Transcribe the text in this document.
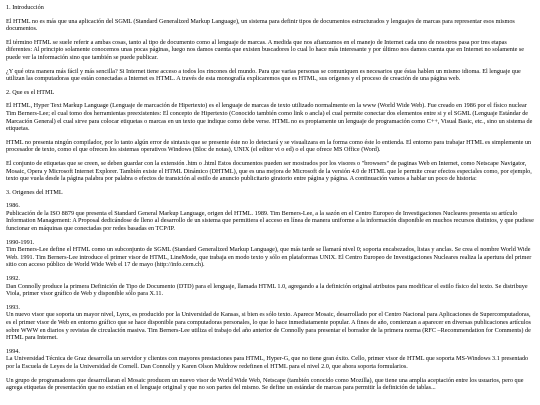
1. Introducción

El HTML no es más que una aplicación del SGML (Standard Generalized Markup Language), un sistema para definir tipos de documentos estructurados y lenguajes de marcas para representar esos mismos documentos.

El término HTML se suele referir a ambas cosas, tanto al tipo de documento como al lenguaje de marcas. A medida que nos afianzamos en el manejo de Internet cada uno de nosotros pasa por tres etapas diferentes: Al principio solamente conocemos unas pocas páginas, luego nos damos cuenta que existen buscadores lo cual lo hace más interesante y por último nos damos cuenta que en Internet no solamente se puede ver la información sino que también se puede publicar.

¿Y qué otra manera más fácil y más sencilla? Si Internet tiene acceso a todos los rincones del mundo. Para que varias personas se comuniquen es necesarios que éstas hablen un mismo idioma. El lenguaje que utilizan las computadoras que están conectadas a Internet es HTML. A través de esta monografía explicaremos que es HTML, sus orígenes y el proceso de creación de una página web.

2. Que es el HTML

El HTML, Hyper Text Markup Language (Lenguaje de marcación de Hipertexto) es el lenguaje de marcas de texto utilizado normalmente en la www (World Wide Web). Fue creado en 1986 por el físico nuclear Tim Berners-Lee; el cual tomo dos herramientas preexistentes: El concepto de Hipertexto (Conocido también como link o ancla) el cual permite conectar dos elementos entre si y el SGML (Lenguaje Estándar de Marcación General) el cual sirve para colocar etiquetas o marcas en un texto que indique como debe verse. HTML no es propiamente un lenguaje de programación como C++, Visual Basic, etc., sino un sistema de etiquetas.

HTML no presenta ningún compilador, por lo tanto algún error de sintaxis que se presente éste no lo detectará y se visualizara en la forma como éste lo entienda. El entorno para trabajar HTML es simplemente un procesador de texto, como el que ofrecen los sistemas operativos Windows (Bloc de notas), UNIX (el editor vi o ed) o el que ofrece MS Office (Word).

El conjunto de etiquetas que se creen, se deben guardar con la extensión .htm o .html Estos documentos pueden ser mostrados por los visores o "browsers" de paginas Web en Internet, como Netscape Navigator, Mosaic, Opera y Microsoft Internet Explorer. También existe el HTML Dinámico (DHTML), que es una mejora de Microsoft de la versión 4.0 de HTML que le permite crear efectos especiales como, por ejemplo, texto que vuela desde la página palabra por palabra o efectos de transición al estilo de anuncio publicitario giratorio entre página y página. A continuación vamos a hablar un poco de historia:

3. Origenes del HTML

1986.
Publicación de la ISO 8879 que presenta el Standard General Markup Language, origen del HTML. 1989. Tim Berners-Lee, a la sazón en el Centro Europeo de Investigaciones Nucleares presenta su artículo Information Management: A Proposal dedicándose de lleno al desarrollo de un sistema que permitiera el acceso en línea de manera uniforme a la información disponible en muchos recursos distintos, y que pudiese funcionar en máquinas que conectadas por redes basadas en TCP/IP.

1990-1991.
Tim Berners-Lee define el HTML como un subconjunto de SGML (Standard Generalized Markup Language), que más tarde se llamará nivel 0; soporta encabezados, listas y anclas. Se crea el nombre World Wide Web. 1991. Tim Berners-Lee introduce el primer visor de HTML, LineMode, que trabaja en modo texto y sólo en plataformas UNIX. El Centro Europeo de Investigaciones Nucleares realiza la apertura del primer sitio con acceso público de World Wide Web el 17 de mayo (http://info.cern.ch).

1992.
Dan Connolly produce la primera Definición de Tipo de Documento (DTD) para el lenguaje, llamada HTML 1.0, agregando a la definición original atributos para modificar el estilo físico del texto. Se distribuye Viola, primer visor gráfico de Web y disponible sólo para X.11.

1993.
Un nuevo visor que soporta un mayor nivel, Lynx, es producido por la Universidad de Kansas, si bien es sólo texto. Aparece Mosaic, desarrollado por el Centro Nacional para Aplicaciones de Supercomputadoras, es el primer visor de Web en entorno gráfico que se hace disponible para computadoras personales, lo que lo hace inmediatamente popular. A fines de año, comienzan a aparecer en diversas publicaciones artículos sobre WWW en diarios y revistas de circulación masiva. Tim Berners-Lee utiliza el trabajo del año anterior de Connolly para presentar el borrador de la primera norma (RFC –Recommendation for Comments) de HTML para Internet.

1994.
La Universidad Técnica de Graz desarrolla un servidor y clientes con mayores prestaciones para HTML, Hyper-G, que no tiene gran éxito. Cello, primer visor de HTML que soporta MS-Windows 3.1 presentado por la Escuela de Leyes de la Universidad de Cornell. Dan Connolly y Karen Olson Muldrow redefinen el HTML para el nivel 2.0, que ahora soporta formularios.

Un grupo de programadores que desarrollaran el Mosaic producen un nuevo visor de World Wide Web, Netscape (también conocido como Mozilla), que tiene una amplia aceptación entre los usuarios, pero que agrega etiquetas de presentación que no existían en el lenguaje original y que no son partes del mismo. Se define un estándar de marcas para permitir la definición de tablas...
